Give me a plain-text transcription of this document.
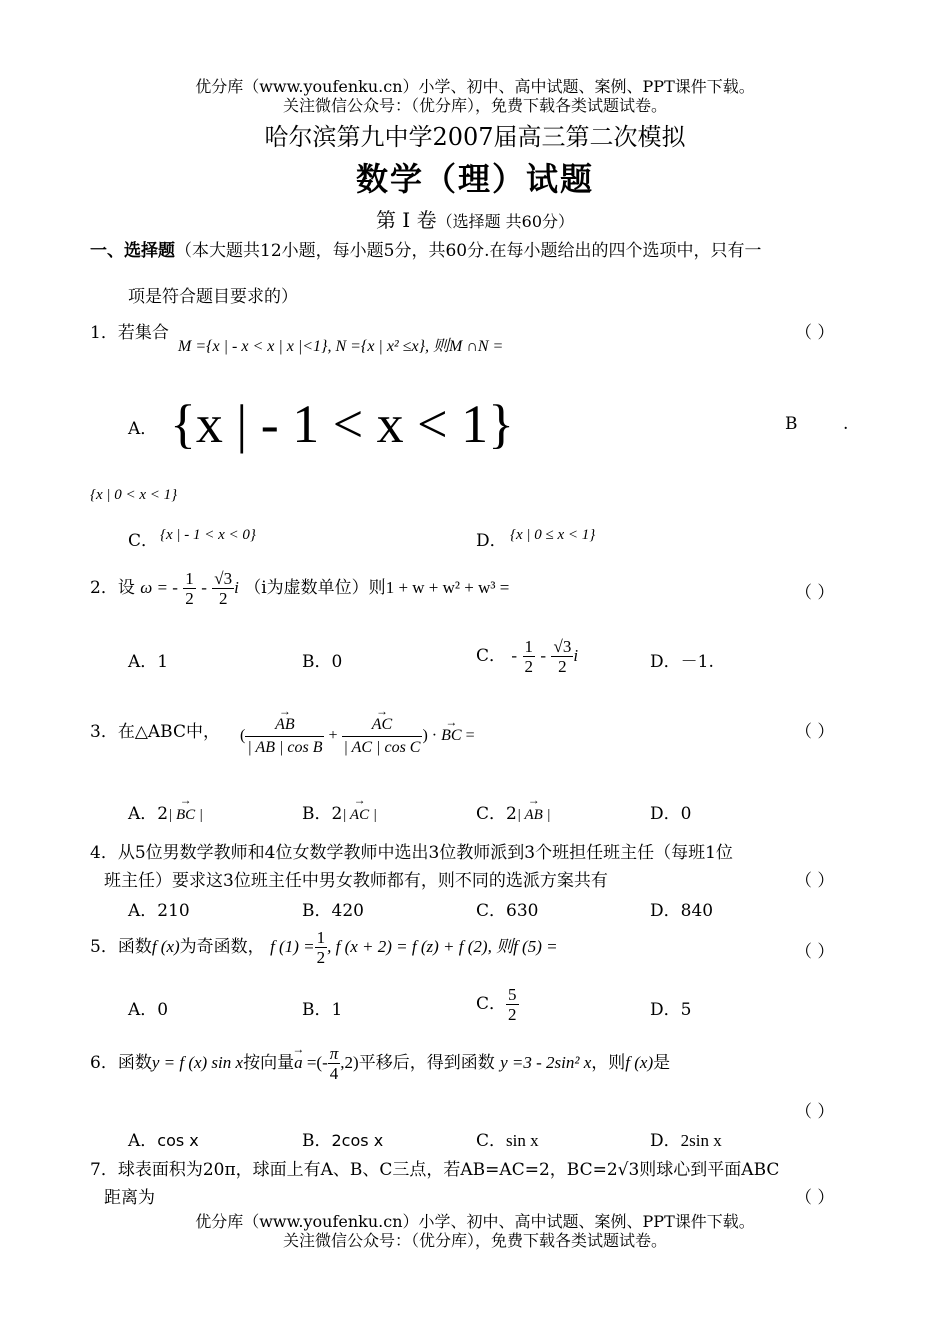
优分库（www.youfenku.cn）小学、初中、高中试题、案例、PPT课件下载。
关注微信公众号：（优分库），免费下载各类试题试卷。
哈尔滨第九中学2007届高三第二次模拟
数学（理）试题
第 I 卷（选择题 共60分）
一、选择题（本大题共12小题，每小题5分，共60分.在每小题给出的四个选项中，只有一
项是符合题目要求的）
1．若集合
M ={x | - x < x | x |<1}, N ={x | x² ≤x}, 则M ∩N =
（ ）
A． {x | - 1 < x < 1}	B	.
{x | 0 < x < 1}
C． {x | - 1 < x < 0}	D． {x | 0 ≤ x < 1}
2．设 ω = - $\frac{1}{2} - \frac{√3}{2}$ i （i为虚数单位）则1 + w + w² + w³ =	（ ）
A．1	B．0	C． - $\frac{1}{2} - \frac{√3}{2}$ i	D．－1.
3．在△ABC中， ( → $\frac{AB}{\text{| AB | cos B}}$ + → $\frac{AC}{\text{| AC | cos C}}$ ) · → BC =	（ ）
A．2→ | BC |	B．2→ | AC |	C．2→ | AB |	D．0
4．从5位男数学教师和4位女数学教师中选出3位教师派到3个班担任班主任（每班1位
班主任）要求这3位班主任中男女教师都有，则不同的选派方案共有	（ ）
A．210	B．420	C．630	D．840
5．函数f (x)为奇函数， f $(1) = \frac{1}{2}$ , f (x + 2) = f (z) + f (2), 则f (5) =	（ ）
A．0	B．1	C． $\frac{5}{2}$	D．5
6．函数y = f (x) sin x按向量→ a =(- $\frac{\pi}{4} ,2$)平移后，得到函数 y =3 - 2sin² x，则f (x)是
（ ）
A．cos x	B．2cos x	C．sin x	D．2sin x
7．球表面积为20π，球面上有A、B、C三点，若AB=AC=2，BC=2√3则球心到平面ABC
距离为	（ ）
优分库（www.youfenku.cn）小学、初中、高中试题、案例、PPT课件下载。
关注微信公众号：（优分库），免费下载各类试题试卷。
